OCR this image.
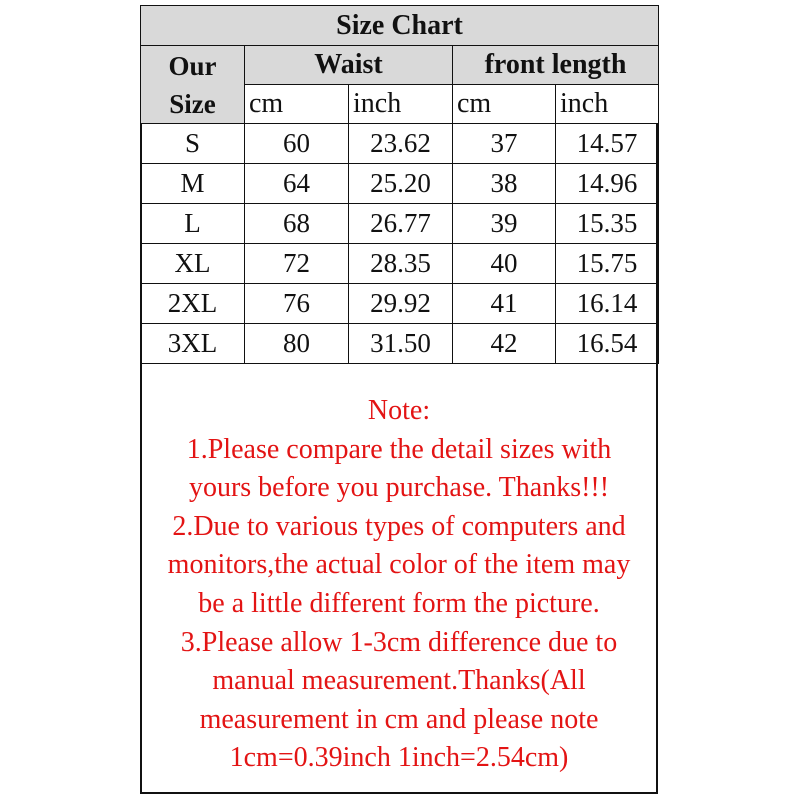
Size Chart				
Our
Size	Waist		front length	
	cm	inch	cm	inch
S	60	23.62	37	14.57
M	64	25.20	38	14.96
L	68	26.77	39	15.35
XL	72	28.35	40	15.75
2XL	76	29.92	41	16.14
3XL	80	31.50	42	16.54
Note:
1.Please compare the detail sizes with
yours before you purchase. Thanks!!!
2.Due to various types of computers and
monitors,the actual color of the item may
be a little different form the picture.
3.Please allow 1-3cm difference due to
manual measurement.Thanks(All
measurement in cm and please note
1cm=0.39inch 1inch=2.54cm)
